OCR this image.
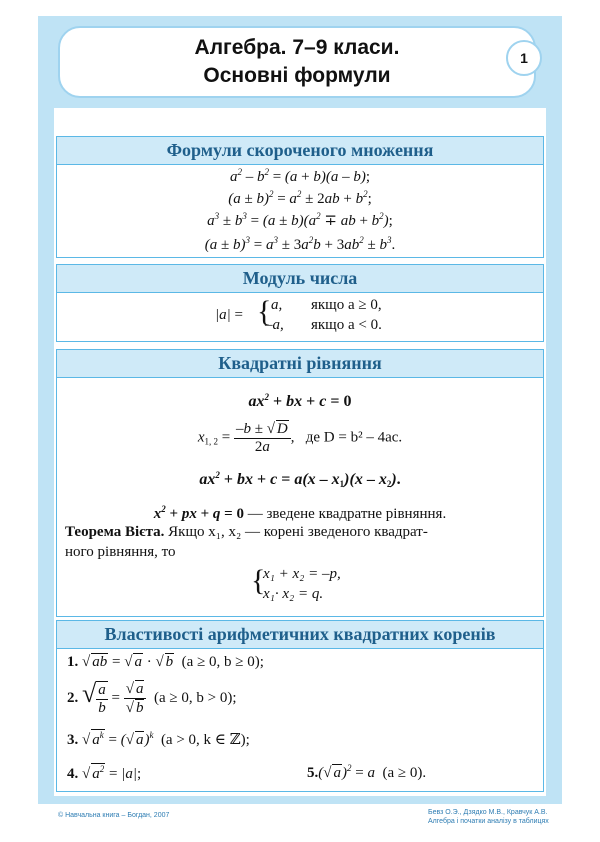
Алгебра. 7–9 класи.
Основні формули
1
Формули скороченого множення
$a^2 - b^2 = (a + b)(a - b)$;
$(a \pm b)^2 = a^2 \pm 2ab + b^2$;
$a^3 \pm b^3 = (a \pm b)(a^2$ ∓ ab + $b^2$);
$(a \pm b)^3 = a^3 \pm 3a^2b + 3ab^2 \pm b^3$.
Модуль числа
|a| = { a, якщо a ≥ 0,
–a, якщо a < 0.
Квадратні рівняння
$ax^2$ + bx + c = 0
$x_{1, 2} = \frac{-b \pm √ D}{2a}$ , де D = b² – 4ac.
$ax^2$ + bx + $c = a(x - x_1)(x - x_2)$.
$x^2$ + px + q = 0 — зведене квадратне рівняння.
Теорема Вієта. Якщо x₁, x₂ — корені зведеного квадрат-
ного рівняння, то
{
x₁ + x₂ = –p,
x₁· x₂ = q.
Властивості арифметичних квадратних коренів
1. √ ab = √ a · √ b (a ≥ 0, b ≥ 0);
2. √ $\frac{a}{b} = \frac{√ a}{√ b} (a \ge 0$, b > 0);
3. √ $a^k$ = (√ a)$^k$ (a > 0, k ∈ ℤ);
4. √ $a^2 = |a|$;	5.(√ a)$^2$ = a (a ≥ 0).
© Навчальна книга – Богдан, 2007	Бевз О.Э., Дзядко М.В., Кравчук А.В.
Алгебра і початки аналізу в таблицях
